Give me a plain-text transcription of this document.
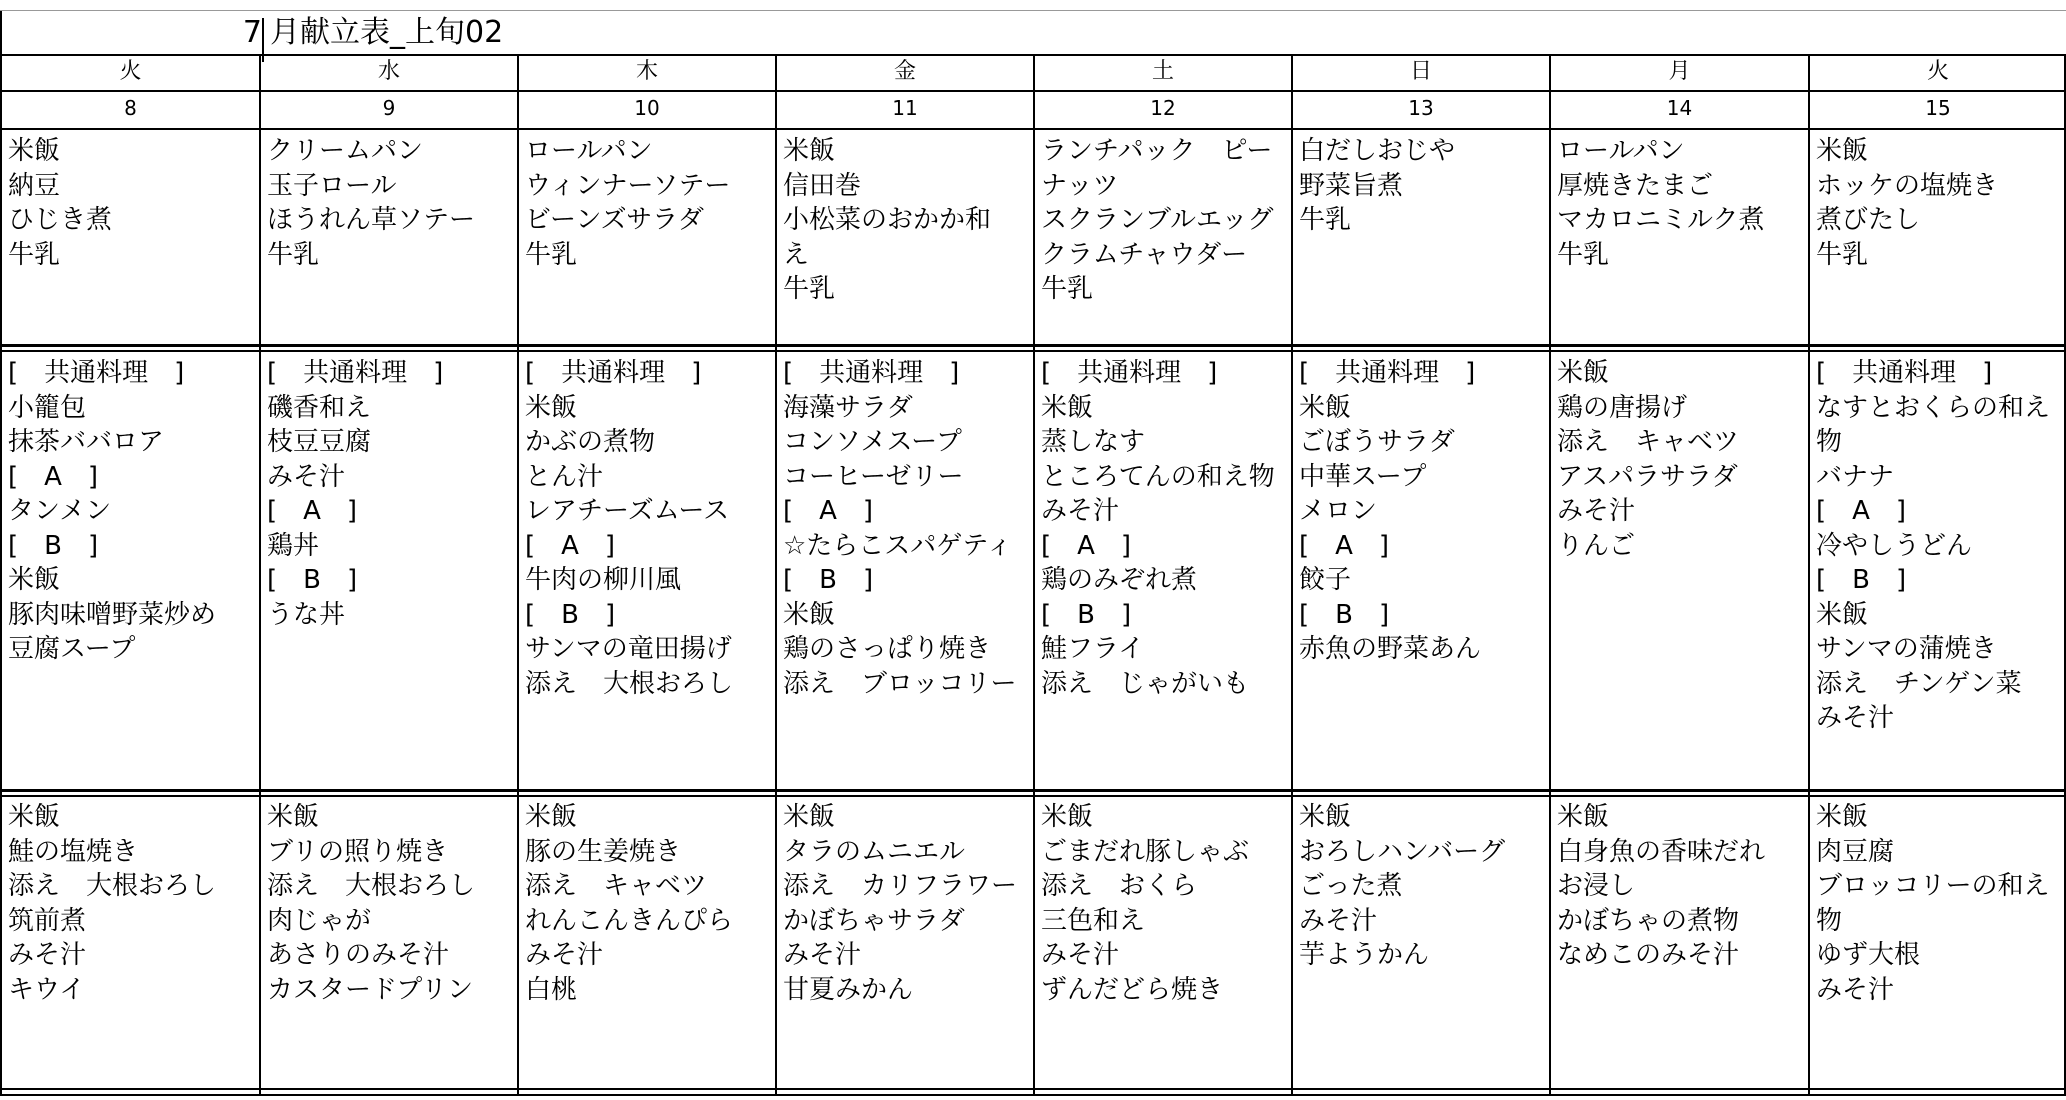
7 月献立表_上旬02
火
8
米飯
納豆
ひじき煮
牛乳
[　共通料理　]
小籠包
抹茶ババロア
[　A　]
タンメン
[　B　]
米飯
豚肉味噌野菜炒め
豆腐スープ
米飯
鮭の塩焼き
添え　大根おろし
筑前煮
みそ汁
キウイ
水
9
クリームパン
玉子ロール
ほうれん草ソテー
牛乳
[　共通料理　]
磯香和え
枝豆豆腐
みそ汁
[　A　]
鶏丼
[　B　]
うな丼
米飯
ブリの照り焼き
添え　大根おろし
肉じゃが
あさりのみそ汁
カスタードプリン
木
10
ロールパン
ウィンナーソテー
ビーンズサラダ
牛乳
[　共通料理　]
米飯
かぶの煮物
とん汁
レアチーズムース
[　A　]
牛肉の柳川風
[　B　]
サンマの竜田揚げ
添え　大根おろし
米飯
豚の生姜焼き
添え　キャベツ
れんこんきんぴら
みそ汁
白桃
金
11
米飯
信田巻
小松菜のおかか和
え
牛乳
[　共通料理　]
海藻サラダ
コンソメスープ
コーヒーゼリー
[　A　]
☆たらこスパゲティ
[　B　]
米飯
鶏のさっぱり焼き
添え　ブロッコリー
米飯
タラのムニエル
添え　カリフラワー
かぼちゃサラダ
みそ汁
甘夏みかん
土
12
ランチパック　ピー
ナッツ
スクランブルエッグ
クラムチャウダー
牛乳
[　共通料理　]
米飯
蒸しなす
ところてんの和え物
みそ汁
[　A　]
鶏のみぞれ煮
[　B　]
鮭フライ
添え　じゃがいも
米飯
ごまだれ豚しゃぶ
添え　おくら
三色和え
みそ汁
ずんだどら焼き
日
13
白だしおじや
野菜旨煮
牛乳
[　共通料理　]
米飯
ごぼうサラダ
中華スープ
メロン
[　A　]
餃子
[　B　]
赤魚の野菜あん
米飯
おろしハンバーグ
ごった煮
みそ汁
芋ようかん
月
14
ロールパン
厚焼きたまご
マカロニミルク煮
牛乳
米飯
鶏の唐揚げ
添え　キャベツ
アスパラサラダ
みそ汁
りんご
米飯
白身魚の香味だれ
お浸し
かぼちゃの煮物
なめこのみそ汁
火
15
米飯
ホッケの塩焼き
煮びたし
牛乳
[　共通料理　]
なすとおくらの和え
物
バナナ
[　A　]
冷やしうどん
[　B　]
米飯
サンマの蒲焼き
添え　チンゲン菜
みそ汁
米飯
肉豆腐
ブロッコリーの和え
物
ゆず大根
みそ汁
